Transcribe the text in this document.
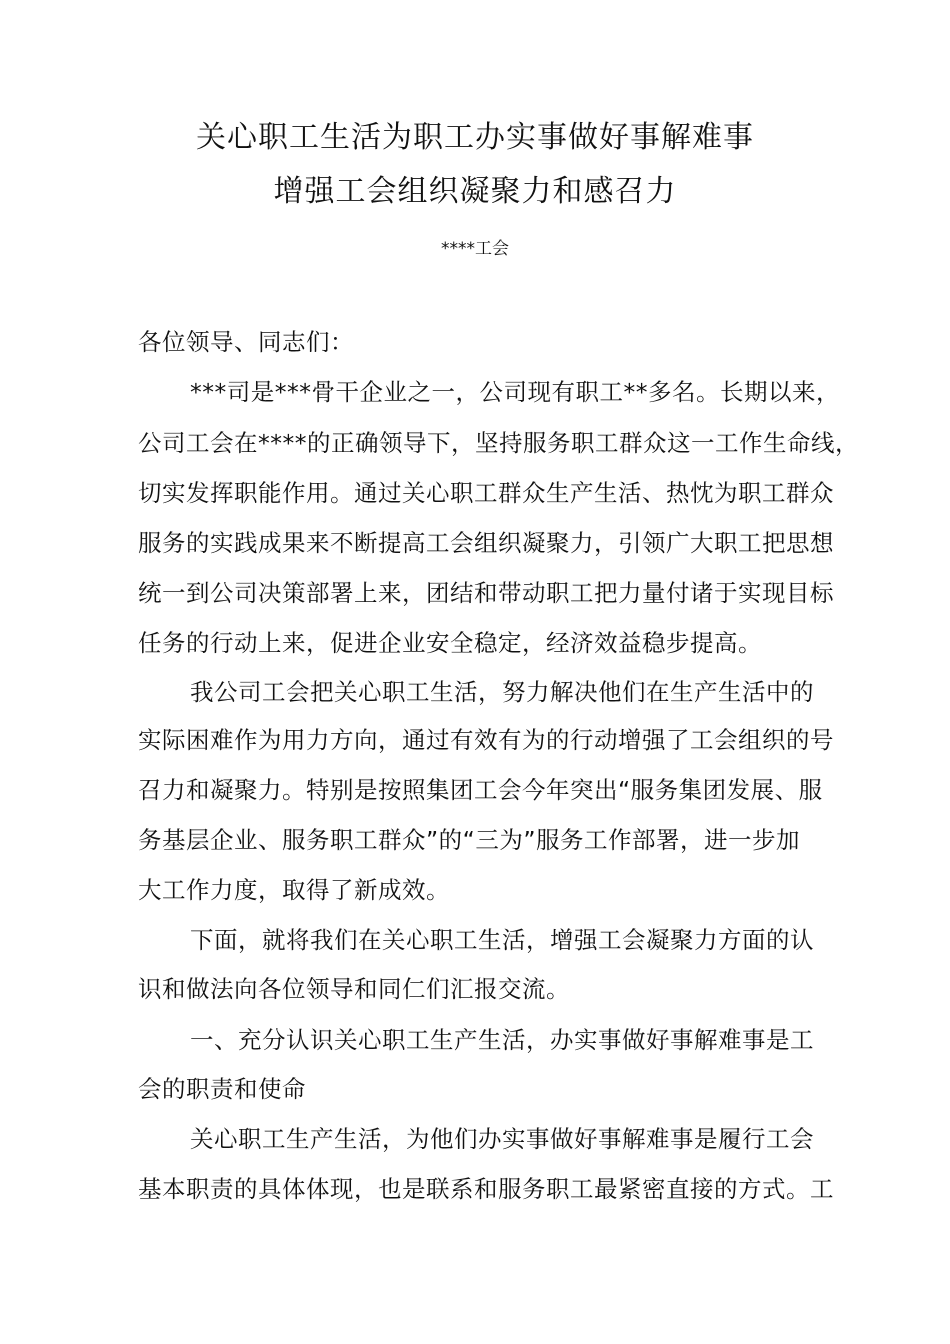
关心职工生活为职工办实事做好事解难事
增强工会组织凝聚力和感召力
****工会
各位领导、同志们：
***司是***骨干企业之一，公司现有职工**多名。长期以来，
公司工会在****的正确领导下，坚持服务职工群众这一工作生命线，
切实发挥职能作用。通过关心职工群众生产生活、热忱为职工群众
服务的实践成果来不断提高工会组织凝聚力，引领广大职工把思想
统一到公司决策部署上来，团结和带动职工把力量付诸于实现目标
任务的行动上来，促进企业安全稳定，经济效益稳步提高。
我公司工会把关心职工生活，努力解决他们在生产生活中的
实际困难作为用力方向，通过有效有为的行动增强了工会组织的号
召力和凝聚力。特别是按照集团工会今年突出“服务集团发展、服
务基层企业、服务职工群众”的“三为”服务工作部署，进一步加
大工作力度，取得了新成效。
下面，就将我们在关心职工生活，增强工会凝聚力方面的认
识和做法向各位领导和同仁们汇报交流。
一、充分认识关心职工生产生活，办实事做好事解难事是工
会的职责和使命
关心职工生产生活，为他们办实事做好事解难事是履行工会
基本职责的具体体现，也是联系和服务职工最紧密直接的方式。工
